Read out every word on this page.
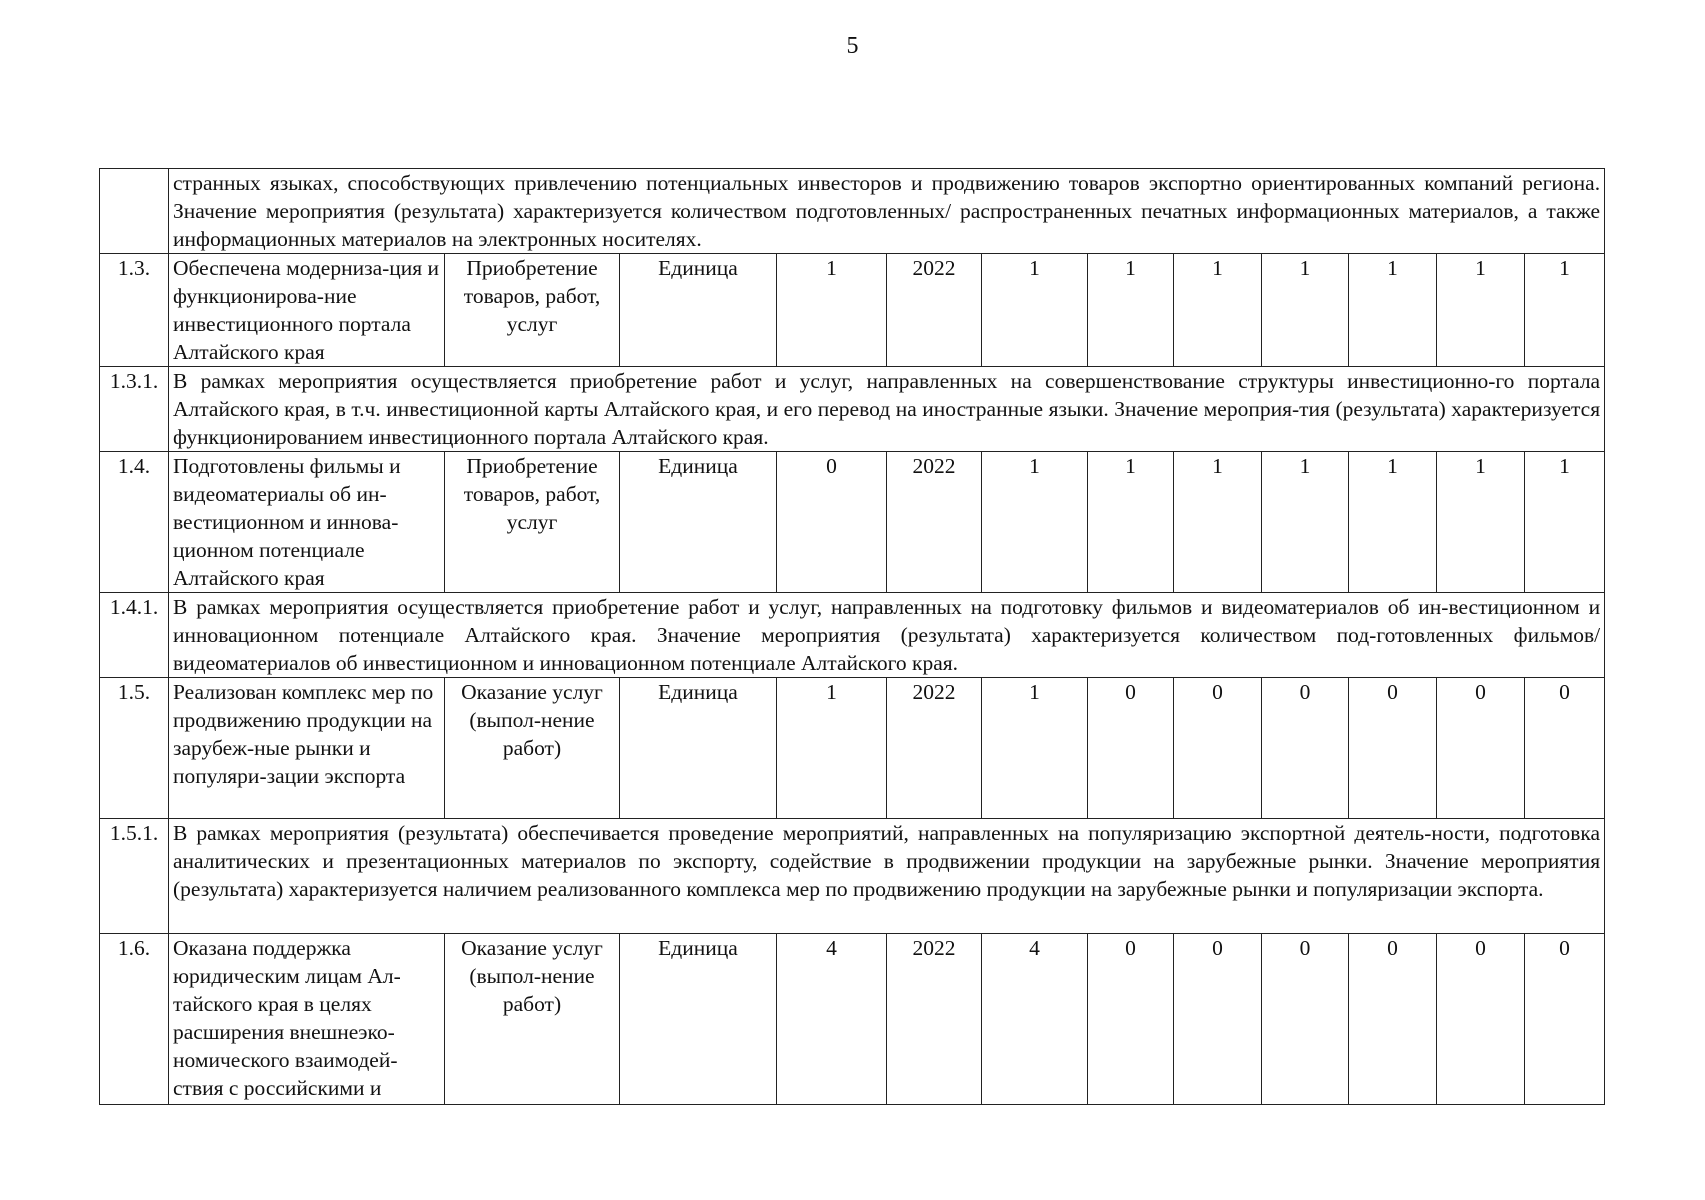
5
	странных языках, способствующих привлечению потенциальных инвесторов и продвижению товаров экспортно ориентированных компаний региона. Значение мероприятия (результата) характеризуется количеством подготовленных/ распространенных печатных информационных материалов, а также информационных материалов на электронных носителях.											
1.3.	Обеспечена модерниза-ция и функционирова-ние инвестиционного портала Алтайского края	Приобретение товаров, работ, услуг	Единица	1	2022	1	1	1	1	1	1	1
1.3.1.	В рамках мероприятия осуществляется приобретение работ и услуг, направленных на совершенствование структуры инвестиционно-го портала Алтайского края, в т.ч. инвестиционной карты Алтайского края, и его перевод на иностранные языки. Значение мероприя-тия (результата) характеризуется функционированием инвестиционного портала Алтайского края.											
1.4.	Подготовлены фильмы и видеоматериалы об ин-вестиционном и иннова-ционном потенциале Алтайского края	Приобретение товаров, работ, услуг	Единица	0	2022	1	1	1	1	1	1	1
1.4.1.	В рамках мероприятия осуществляется приобретение работ и услуг, направленных на подготовку фильмов и видеоматериалов об ин-вестиционном и инновационном потенциале Алтайского края. Значение мероприятия (результата) характеризуется количеством под-готовленных фильмов/видеоматериалов об инвестиционном и инновационном потенциале Алтайского края.											
1.5.	Реализован комплекс мер по продвижению продукции на зарубеж-ные рынки и популяри-зации экспорта	Оказание услуг (выпол-нение работ)	Единица	1	2022	1	0	0	0	0	0	0
1.5.1.	В рамках мероприятия (результата) обеспечивается проведение мероприятий, направленных на популяризацию экспортной деятель-ности, подготовка аналитических и презентационных материалов по экспорту, содействие в продвижении продукции на зарубежные рынки. Значение мероприятия (результата) характеризуется наличием реализованного комплекса мер по продвижению продукции на зарубежные рынки и популяризации экспорта.											
1.6.	Оказана поддержка юридическим лицам Ал-тайского края в целях расширения внешнеэко-номического взаимодей-ствия с российскими и	Оказание услуг (выпол-нение работ)	Единица	4	2022	4	0	0	0	0	0	0
